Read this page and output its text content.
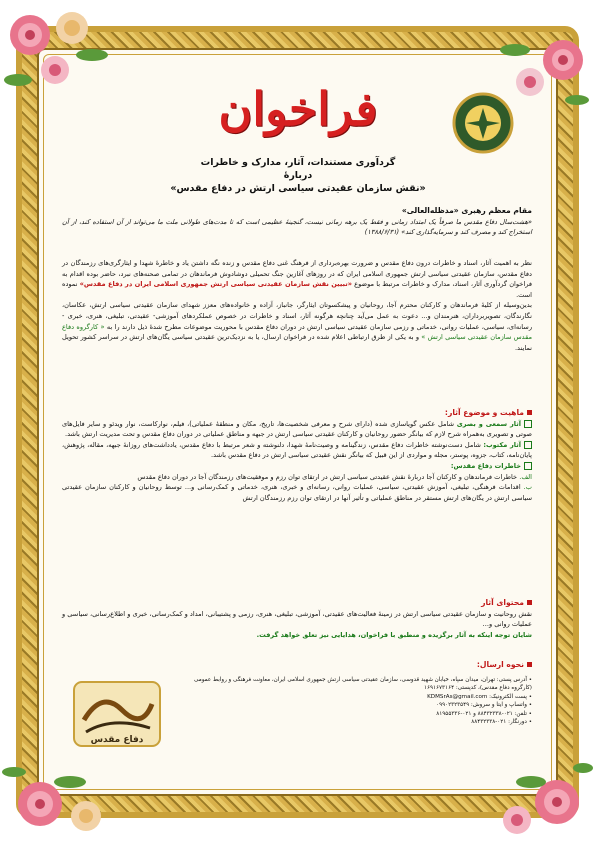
فراخوان
گردآوری مستندات، آثار، مدارک و خاطرات
دربارهٔ
«نقش سازمان عقیدتی سیاسی ارتش در دفاع مقدس»
مقام معظم رهبری «مدظله‌العالی»
«هشت‌سال دفاع مقدس ما صرفاً یک امتداد زمانی و فقط یک برهه زمانی نیست، گنجینهٔ عظیمی است که تا مدت‌های طولانی ملت ما می‌تواند از آن استفاده کند، از آن استخراج کند و مصرف کند و سرمایه‌گذاری کند» (۱۳۸۸/۶/۳۱)
نظر به اهمیت آثار، اسناد و خاطرات درون دفاع مقدس و ضرورت بهره‌برداری از فرهنگ غنی دفاع مقدس و زنده نگه داشتن یاد و خاطرهٔ شهدا و ایثارگری‌های رزمندگان در دفاع مقدس، سازمان عقیدتی سیاسی ارتش جمهوری اسلامی ایران که در روزهای آغازین جنگ تحمیلی دوشادوش فرماندهان در تمامی صحنه‌های نبرد، حاضر بوده اقدام به فراخوان گردآوری آثار، اسناد، مدارک و خاطرات مرتبط با موضوع «تبیین نقش سازمان عقیدتی سیاسی ارتش جمهوری اسلامی ایران در دفاع مقدس» نموده است.
بدین‌وسیله از کلیهٔ فرماندهان و کارکنان محترم آجا، روحانیان و پیشکسوتان ایثارگر، جانباز، آزاده و خانواده‌های معزز شهدای سازمان عقیدتی سیاسی ارتش، عکاسان، نگارندگان، تصویربرداران، هنرمندان و... دعوت به عمل می‌آید چنانچه هرگونه آثار، اسناد و خاطرات در خصوص عملکردهای آموزشی- عقیدتی، تبلیغی، هنری، خبری - رسانه‌ای، سیاسی، عملیات روانی، خدماتی و رزمی سازمان عقیدتی سیاسی ارتش در دوران دفاع مقدس با محوریت موضوعات مطرح شدهٔ ذیل دارند را به « کارگروه دفاع مقدس سازمان عقیدتی سیاسی ارتش » و به یکی از طرق ارتباطی اعلام شده در فراخوان ارسال، یا به نزدیک‌ترین عقیدتی سیاسی یگان‌های ارتش در سراسر کشور تحویل نمایند.
ماهیت و موضوع آثار:
آثار سمعی و بصری شامل عکس گویاسازی شده (دارای شرح و معرفی شخصیت‌ها، تاریخ، مکان و منطقهٔ عملیاتی)، فیلم، نوارکاست، نوار ویدئو و سایر فایل‌های صوتی و تصویری به‌همراه شرح لازم که بیانگر حضور روحانیان و کارکنان عقیدتی سیاسی ارتش در جبهه و مناطق عملیاتی در دوران دفاع مقدس و تحت مدیریت ارتش باشد.
آثار مکتوب: شامل دست‌نوشته خاطرات دفاع مقدس، زندگینامه و وصیت‌نامهٔ شهدا، دلنوشته و شعر مرتبط با دفاع مقدس، یادداشت‌های روزانهٔ جبهه، مقاله، پژوهش، پایان‌نامه، کتاب، جزوه، پوستر، مجله و مواردی از این قبیل که بیانگر نقش عقیدتی سیاسی ارتش در دفاع مقدس باشد.
خاطرات دفاع مقدس:
الف. خاطرات فرماندهان و کارکنان آجا دربارهٔ نقش عقیدتی سیاسی ارتش در ارتقای توان رزم و موفقیت‌های رزمندگان آجا در دوران دفاع مقدس
ب. اقدامات فرهنگی، تبلیغی، آموزش عقیدتی، سیاسی، عملیات روانی، رسانه‌ای و خبری، هنری، خدماتی و کمک‌رسانی و... توسط روحانیان و کارکنان سازمان عقیدتی سیاسی ارتش در یگان‌های ارتش مستقر در مناطق عملیاتی و تأثیر آنها در ارتقای توان رزم رزمندگان ارتش
محتوای آثار
نقش روحانیت و سازمان عقیدتی سیاسی ارتش در زمینهٔ فعالیت‌های عقیدتی، آموزشی، تبلیغی، هنری، رزمی و پشتیبانی، امداد و کمک‌رسانی، خبری و اطلاع‌رسانی، سیاسی و عملیات روانی و...
شایان توجه اینکه به آثار برگزیده و منطبق با فراخوان، هدایایی نیز تعلق خواهد گرفت.
نحوه ارسال:
• آدرس پستی: تهران، میدان سپاه، خیابان شهید قدوسی، سازمان عقیدتی سیاسی ارتش جمهوری اسلامی ایران، معاونت فرهنگی و روابط عمومی
(کارگروه دفاع مقدس)، کدپستی: ۱۶۹۱۶۷۳۱۶۴
• پست الکترونیک: KDMSrAs@gmail.com
• واتساپ و ایتا و سروش: ۰۹۹۰۲۳۲۳۵۴۹
• تلفن: ۰۲۱-۸۸۴۳۲۳۳۸ و ۰۲۱-۸۱۹۵۵۳۳۶
• دورنگار: ۰۲۱-۸۸۴۳۲۳۳۸
دفاع مقدس
